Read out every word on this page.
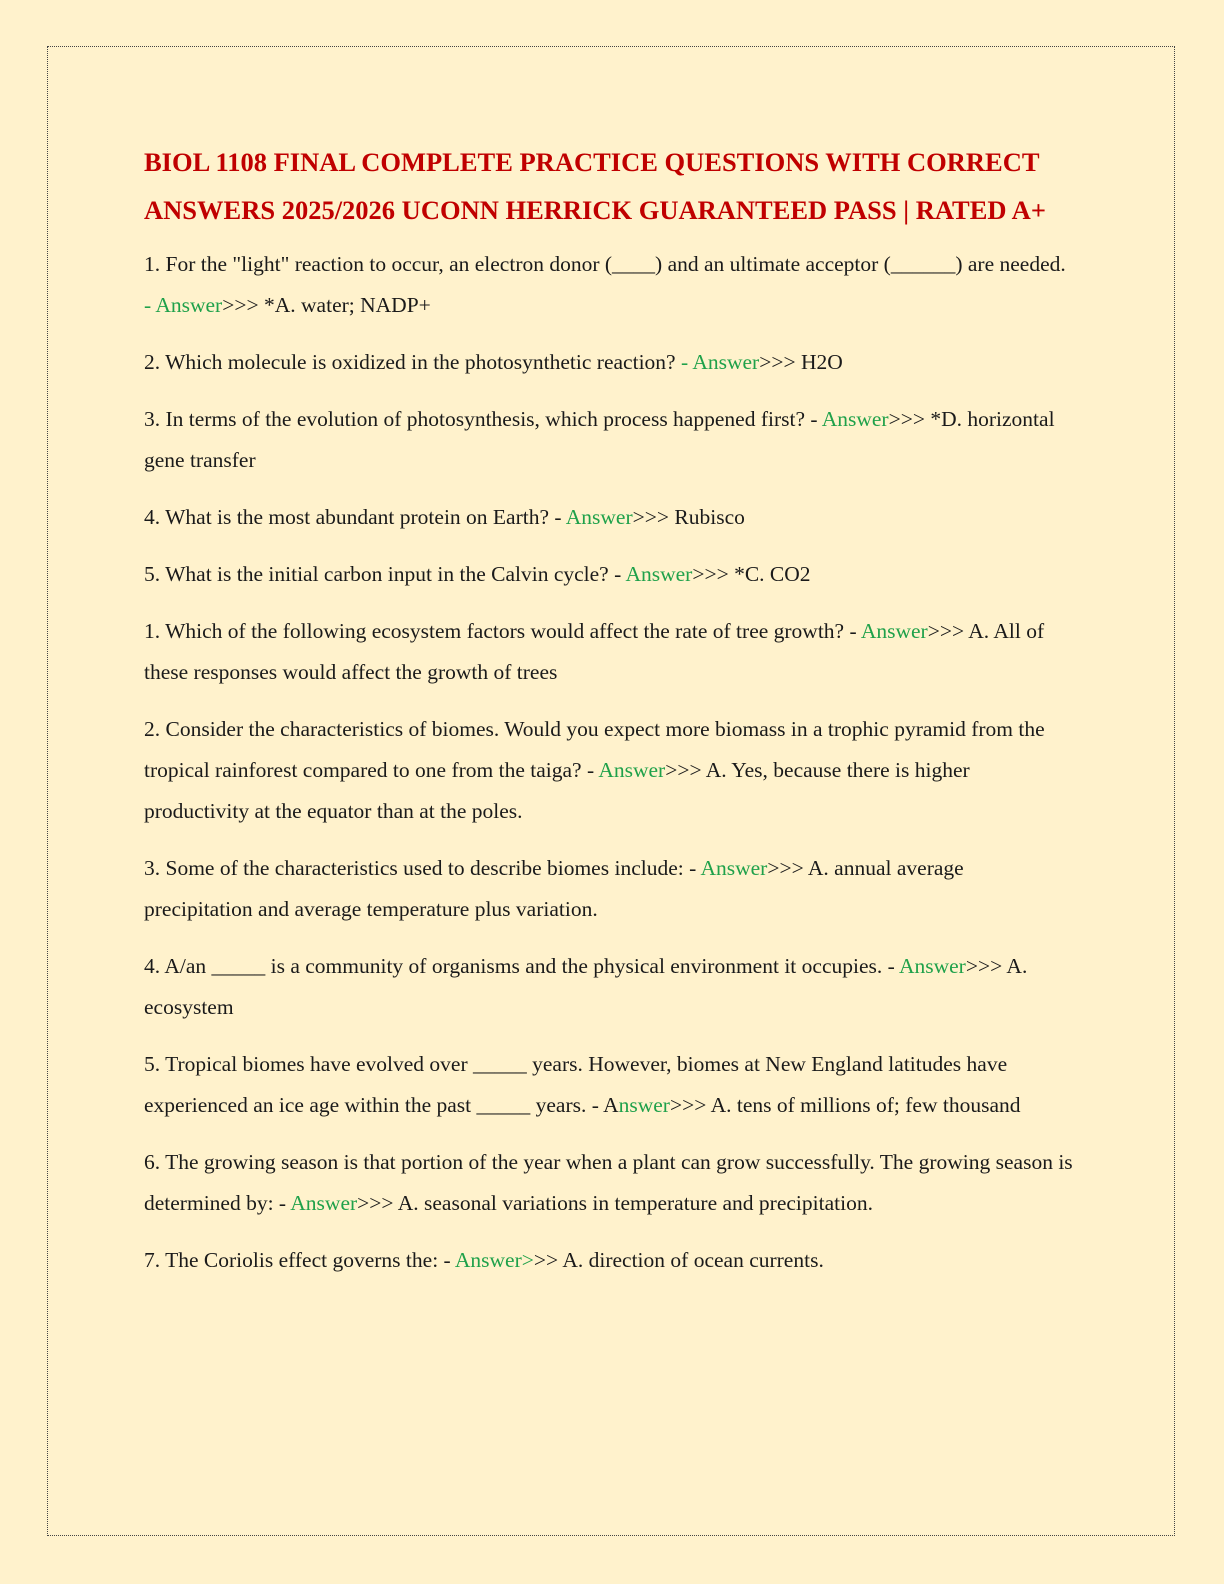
BIOL 1108 FINAL COMPLETE PRACTICE QUESTIONS WITH CORRECT ANSWERS 2025/2026 UCONN HERRICK GUARANTEED PASS | RATED A+

1. For the "light" reaction to occur, an electron donor (____) and an ultimate acceptor (______) are needed. - Answer>>> *A. water; NADP+

2. Which molecule is oxidized in the photosynthetic reaction? - Answer>>> H2O

3. In terms of the evolution of photosynthesis, which process happened first? - Answer>>> *D. horizontal gene transfer

4. What is the most abundant protein on Earth? - Answer>>> Rubisco

5. What is the initial carbon input in the Calvin cycle? - Answer>>> *C. CO2

1. Which of the following ecosystem factors would affect the rate of tree growth? - Answer>>> A. All of these responses would affect the growth of trees

2. Consider the characteristics of biomes. Would you expect more biomass in a trophic pyramid from the tropical rainforest compared to one from the taiga? - Answer>>> A. Yes, because there is higher productivity at the equator than at the poles.

3. Some of the characteristics used to describe biomes include: - Answer>>> A. annual average precipitation and average temperature plus variation.

4. A/an _____ is a community of organisms and the physical environment it occupies. - Answer>>> A. ecosystem

5. Tropical biomes have evolved over _____ years. However, biomes at New England latitudes have experienced an ice age within the past _____ years. - Answer>>> A. tens of millions of; few thousand

6. The growing season is that portion of the year when a plant can grow successfully. The growing season is determined by: - Answer>>> A. seasonal variations in temperature and precipitation.

7. The Coriolis effect governs the: - Answer>>> A. direction of ocean currents.
